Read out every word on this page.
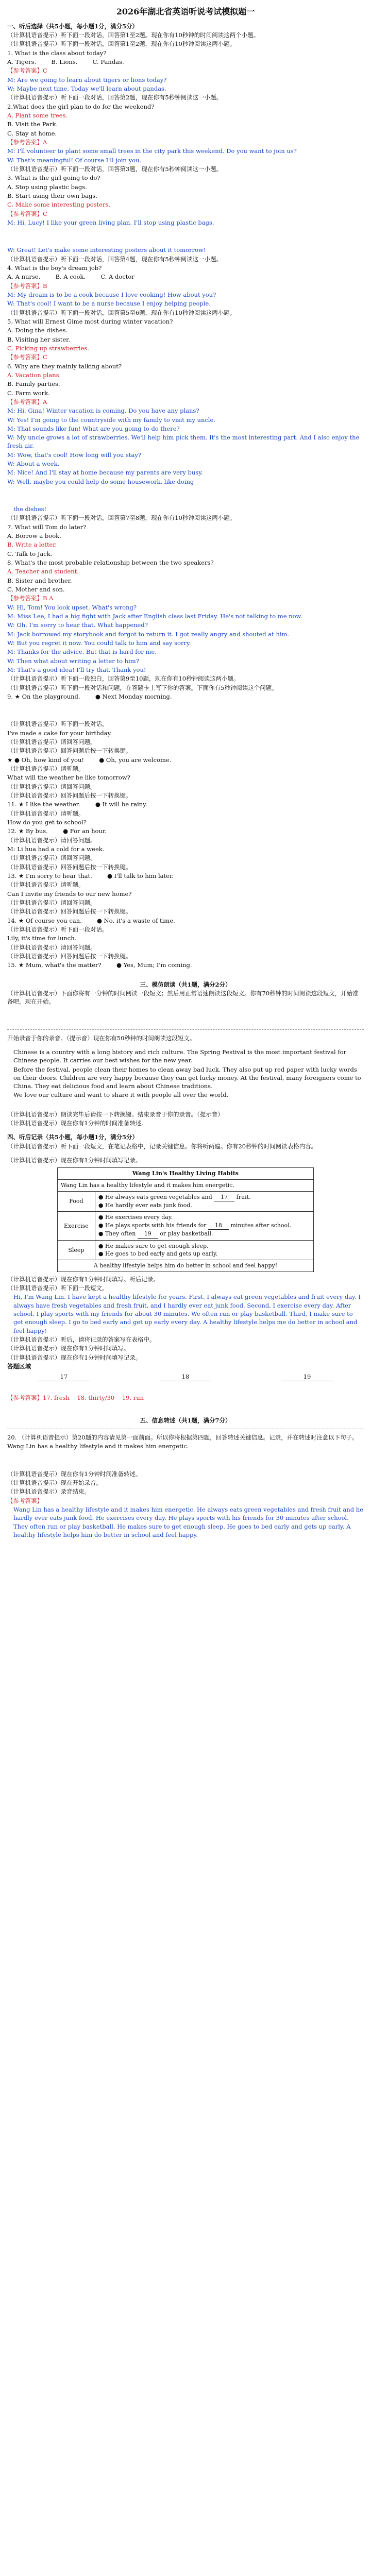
2026年湖北省英语听说考试模拟题一
一、听后选择（共5小题，每小题1分，满分5分）
（计算机语音提示）听下面一段对话，回答第1至2题。现在你有10秒钟的时间阅读这两个小题。
（计算机语音提示）听下面一段对话，回答第1至2题，现在你有10秒钟阅读这两小题。
1. What is the class about today?
A. Tigers.        B. Lions.        C. Pandas.
【参考答案】C
M: Are we going to learn about tigers or lions today?
W: Maybe next time. Today we'll learn about pandas.
（计算机语音提示）听下面一段对话，回答第2题，现在你有5秒钟阅读这一小题。
2.What does the girl plan to do for the weekend?
A. Plant some trees.
B. Visit the Park.
C. Stay at home.
【参考答案】A
M: I'll volunteer to plant some small trees in the city park this weekend. Do you want to join us?
W: That's meaningful! Of course I'll join you.
（计算机语音提示）听下面一段对话，回答第3题，现在你有5秒钟阅读这一小题。
3. What is the girl going to do?
A. Stop using plastic bags.
B. Start using their own bags.
C. Make some interesting posters.
【参考答案】C
M: Hi, Lucy! I like your green living plan. I'll stop using plastic bags.
W: Great! Let's make some interesting posters about it tomorrow!
（计算机语音提示）听下面一段对话，回答第4题，现在你有5秒钟阅读这一小题。
4. What is the boy's dream job?
A. A nurse.        B. A cook.        C. A doctor
【参考答案】B
M: My dream is to be a cook because I love cooking! How about you?
W: That's cool! I want to be a nurse because I enjoy helping people.
（计算机语音提示）听下面一段对话，回答第5至6题，现在你有10秒钟阅读这两小题。
5. What will Ernest Gime most during winter vacation?
A. Doing the dishes.
B. Visiting her sister.
C. Picking up strawberries.
【参考答案】C
6. Why are they mainly talking about?
A. Vacation plans.
B. Family parties.
C. Farm work.
【参考答案】A
M: Hi, Gina! Winter vacation is coming. Do you have any plans?
W: Yes! I'm going to the countryside with my family to visit my uncle.
M: That sounds like fun! What are you going to do there?
W: My uncle grows a lot of strawberries. We'll help him pick them. It's the most interesting part. And I also enjoy the fresh air.
M: Wow, that's cool! How long will you stay?
W: About a week.
M: Nice! And I'll stay at home because my parents are very busy.
W: Well, maybe you could help do some housework, like doing
the dishes!
（计算机语音提示）听下面一段对话，回答第7至8题，现在你有10秒钟阅读这两小题。
7. What will Tom do later?
A. Borrow a book.
B. Write a letter.
C. Talk to Jack.
8. What's the most probable relationship between the two speakers?
A. Teacher and student.
B. Sister and brother.
C. Mother and son.
【参考答案】B A
W: Hi, Tom! You look upset. What's wrong?
M: Miss Lee, I had a big fight with Jack after English class last Friday. He's not talking to me now.
W: Oh, I'm sorry to hear that. What happened?
M: Jack borrowed my storybook and forgot to return it. I got really angry and shouted at him.
W: But you regret it now. You could talk to him and say sorry.
M: Thanks for the advice. But that is hard for me.
W: Then what about writing a letter to him?
M: That's a good idea! I'll try that. Thank you!
（计算机语音提示）听下面一段独白，回答第9至10题，现在你有10秒钟阅读这两小题。
（计算机语音提示）听下面一段对话和问题，在答题卡上写下你的答案。下面你有5秒钟阅读这个问题。
9. ★ On the playground.        ● Next Monday morning.
（计算机语音提示）听下面一段对话。
I've made a cake for your birthday.
（计算机语音提示）请回答问题。
（计算机语音提示）回答问题后按一下转换键。
★ ● Oh, how kind of you!        ● Oh, you are welcome.
（计算机语音提示）请听题。
What will the weather be like tomorrow?
（计算机语音提示）请回答问题。
（计算机语音提示）回答问题后按一下转换键。
11. ★ I like the weather.        ● It will be rainy.
（计算机语音提示）请听题。
How do you get to school?
12. ★ By bus.        ● For an hour.
（计算机语音提示）请回答问题。
M: Li hua had a cold for a week.
（计算机语音提示）请回答问题。
（计算机语音提示）回答问题后按一下转换键。
13. ★ I'm sorry to hear that.        ● I'll talk to him later.
（计算机语音提示）请听题。
Can I invite my friends to our new home?
（计算机语音提示）请回答问题。
（计算机语音提示）回答问题后按一下转换键。
14. ★ Of course you can.        ● No, it's a waste of time.
（计算机语音提示）听下面一段对话。
Lily, it's time for lunch.
（计算机语音提示）请回答问题。
（计算机语音提示）回答问题后按一下转换键。
15. ★ Mum, what's the matter?        ● Yes, Mum; I'm coming.
三、模仿朗读（共1题，满分2分）
（计算机语音提示）下面你将有一分钟的时间阅读一段短文；然后用正常语速朗读这段短文。你有70秒钟的时间阅读这段短文，开始准备吧。现在开始。
开始录音于你的录音。（提示音）现在你有50秒钟的时间朗读这段短文。
Chinese is a country with a long history and rich culture. The Spring Festival is the most important festival for Chinese people. It carries our best wishes for the new year.
Before the festival, people clean their homes to clean away bad luck. They also put up red paper with lucky words on their doors. Children are very happy because they can get lucky money. At the festival, many foreigners come to China. They eat delicious food and learn about Chinese traditions.
We love our culture and want to share it with people all over the world.
（计算机语音提示）朗读完毕后请按一下转换键。结束录音于你的录音。（提示音）
（计算机语音提示）现在你有1分钟的时间准备转述。
四、听后记录（共5小题，每小题1分，满分5分）
（计算机语音提示）听下面一段短文，在笔记表格中，记录关键信息。你将听两遍。你有20秒钟的时间阅读表格内容。
（计算机语音提示）现在你有1分钟时间填写记录。
Wang Lin's Healthy Living Habits	
Wang Lin has a healthy lifestyle and it makes him energetic.	
Food	● He always eats green vegetables and 17 fruit.
● He hardly ever eats junk food.

Exercise	● He exercises every day.
● He plays sports with his friends for 18 minutes after school.
● They often 19 or play basketball.

Sleep	● He makes sure to get enough sleep.
● He goes to bed early and gets up early.

A healthy lifestyle helps him do better in school and feel happy!	
（计算机语音提示）现在你有1分钟时间填写。听后记录。
（计算机语音提示）听下面一段短文。
Hi, I'm Wang Lin. I have kept a healthy lifestyle for years. First, I always eat green vegetables and fruit every day. I always have fresh vegetables and fresh fruit, and I hardly ever eat junk food. Second, I exercise every day. After school, I play sports with my friends for about 30 minutes. We often run or play basketball. Third, I make sure to get enough sleep. I go to bed early and get up early every day. A healthy lifestyle helps me do better in school and feel happy!
（计算机语音提示）听后，请将记录的答案写在表格中。
（计算机语音提示）现在你有1分钟时间填写。
（计算机语音提示）现在你有1分钟时间填写记录。
答题区域
17	18	19
【参考答案】17. fresh    18. thirty/30    19. run
五、信息转述（共1题，满分7分）
20. （计算机语音提示）第20题的内容请见第一面前面。所以你将根据第四题，回答转述关键信息。记录，并在转述时注意以下句子。
Wang Lin has a healthy lifestyle and it makes him energetic.
（计算机语音提示）现在你有1分钟时间准备转述。
（计算机语音提示）现在开始录音。
（计算机语音提示）录音结束。
【参考答案】
Wang Lin has a healthy lifestyle and it makes him energetic. He always eats green vegetables and fresh fruit and he hardly ever eats junk food. He exercises every day. He plays sports with his friends for 30 minutes after school. They often run or play basketball. He makes sure to get enough sleep. He goes to bed early and gets up early. A healthy lifestyle helps him do better in school and feel happy.
